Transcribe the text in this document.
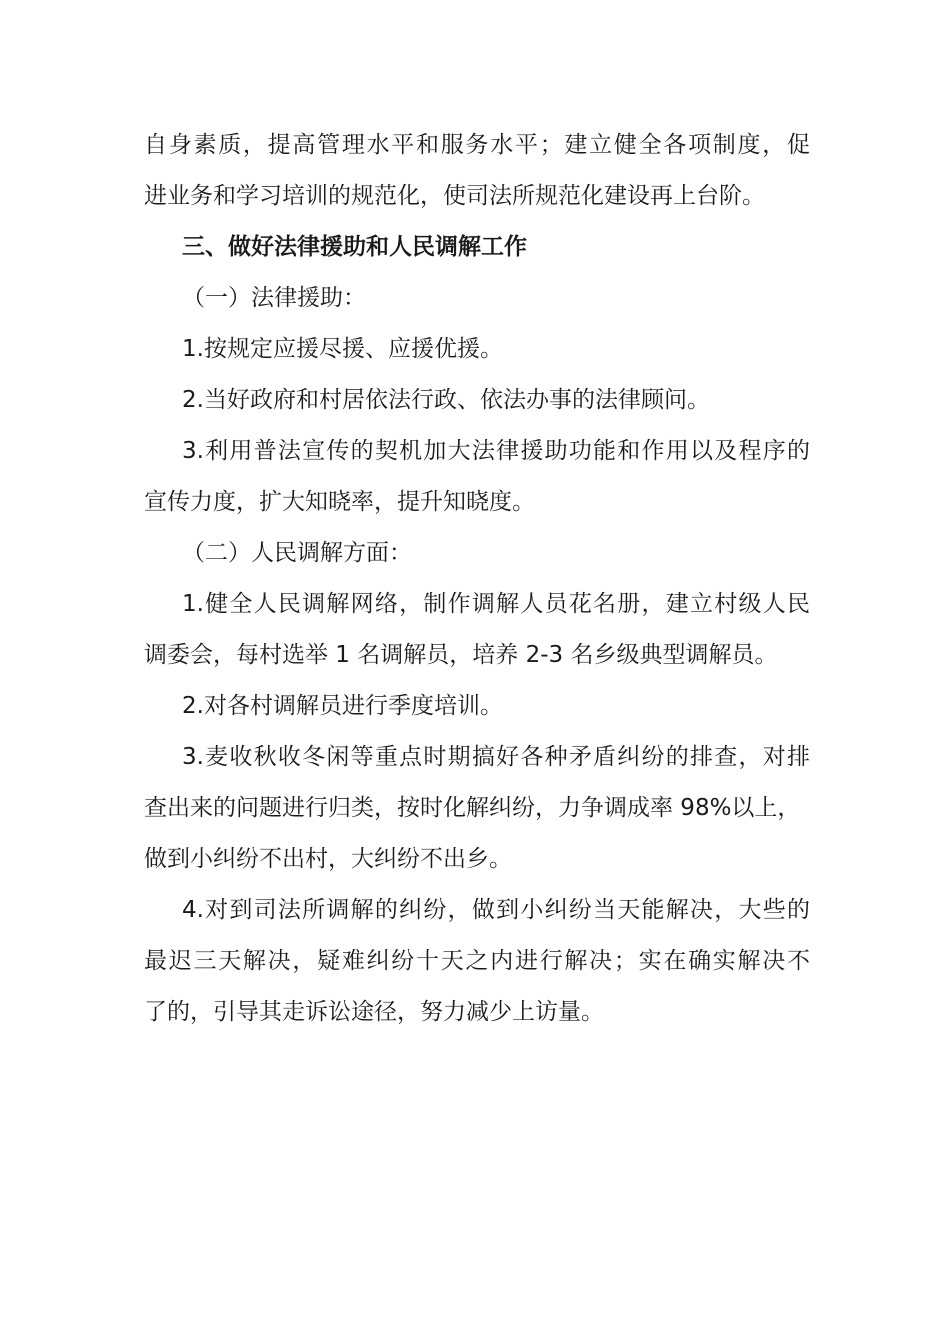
自身素质，提高管理水平和服务水平；建立健全各项制度，促
进业务和学习培训的规范化，使司法所规范化建设再上台阶。
三、做好法律援助和人民调解工作
（一）法律援助：
1.按规定应援尽援、应援优援。
2.当好政府和村居依法行政、依法办事的法律顾问。
3.利用普法宣传的契机加大法律援助功能和作用以及程序的
宣传力度，扩大知晓率，提升知晓度。
（二）人民调解方面：
1.健全人民调解网络，制作调解人员花名册，建立村级人民
调委会，每村选举 1 名调解员，培养 2-3 名乡级典型调解员。
2.对各村调解员进行季度培训。
3.麦收秋收冬闲等重点时期搞好各种矛盾纠纷的排查，对排
查出来的问题进行归类，按时化解纠纷，力争调成率 98%以上，
做到小纠纷不出村，大纠纷不出乡。
4.对到司法所调解的纠纷，做到小纠纷当天能解决，大些的
最迟三天解决，疑难纠纷十天之内进行解决；实在确实解决不
了的，引导其走诉讼途径，努力减少上访量。
